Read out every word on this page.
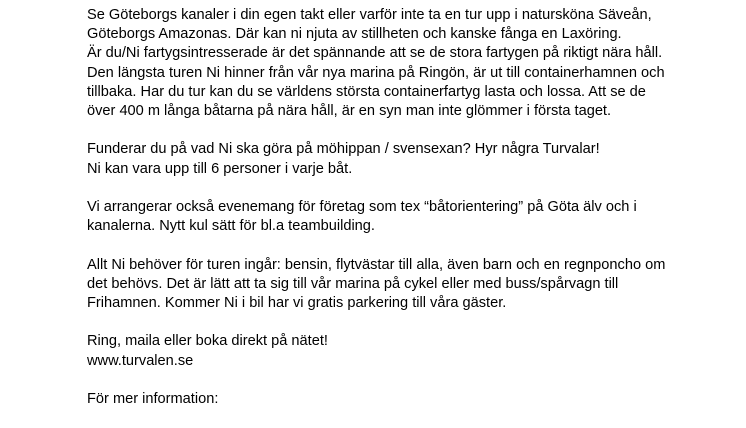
Se Göteborgs kanaler i din egen takt eller varför inte ta en tur upp i natursköna Säveån,
Göteborgs Amazonas. Där kan ni njuta av stillheten och kanske fånga en Laxöring.
Är du/Ni fartygsintresserade är det spännande att se de stora fartygen på riktigt nära håll.
Den längsta turen Ni hinner från vår nya marina på Ringön, är ut till containerhamnen och
tillbaka. Har du tur kan du se världens största containerfartyg lasta och lossa. Att se de
över 400 m långa båtarna på nära håll, är en syn man inte glömmer i första taget.

Funderar du på vad Ni ska göra på möhippan / svensexan? Hyr några Turvalar!
Ni kan vara upp till 6 personer i varje båt.

Vi arrangerar också evenemang för företag som tex “båtorientering” på Göta älv och i
kanalerna. Nytt kul sätt för bl.a teambuilding.

Allt Ni behöver för turen ingår: bensin, flytvästar till alla, även barn och en regnponcho om
det behövs. Det är lätt att ta sig till vår marina på cykel eller med buss/spårvagn till
Frihamnen. Kommer Ni i bil har vi gratis parkering till våra gäster.

Ring, maila eller boka direkt på nätet!
www.turvalen.se

För mer information:
